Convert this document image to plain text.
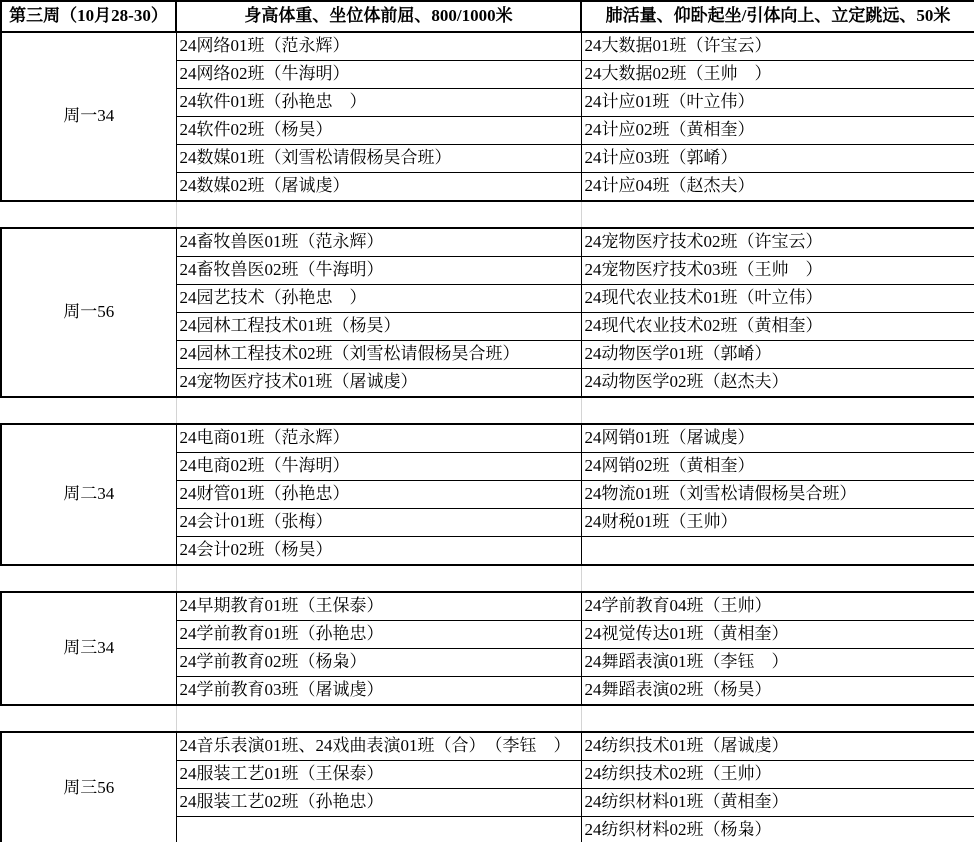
第三周（10月28-30）	身高体重、坐位体前屈、800/1000米	肺活量、仰卧起坐/引体向上、立定跳远、50米
周一34	24网络01班（范永辉）	24大数据01班（许宝云）
	24网络02班（牛海明）	24大数据02班（王帅　）
	24软件01班（孙艳忠　）	24计应01班（叶立伟）
	24软件02班（杨昊）	24计应02班（黄相奎）
	24数媒01班（刘雪松请假杨昊合班）	24计应03班（郭崤）
	24数媒02班（屠诚虔）	24计应04班（赵杰夫）

周一56	24畜牧兽医01班（范永辉）	24宠物医疗技术02班（许宝云）
	24畜牧兽医02班（牛海明）	24宠物医疗技术03班（王帅　）
	24园艺技术（孙艳忠　）	24现代农业技术01班（叶立伟）
	24园林工程技术01班（杨昊）	24现代农业技术02班（黄相奎）
	24园林工程技术02班（刘雪松请假杨昊合班）	24动物医学01班（郭崤）
	24宠物医疗技术01班（屠诚虔）	24动物医学02班（赵杰夫）

周二34	24电商01班（范永辉）	24网销01班（屠诚虔）
	24电商02班（牛海明）	24网销02班（黄相奎）
	24财管01班（孙艳忠）	24物流01班（刘雪松请假杨昊合班）
	24会计01班（张梅）	24财税01班（王帅）
	24会计02班（杨昊）	

周三34	24早期教育01班（王保泰）	24学前教育04班（王帅）
	24学前教育01班（孙艳忠）	24视觉传达01班（黄相奎）
	24学前教育02班（杨枭）	24舞蹈表演01班（李钰　）
	24学前教育03班（屠诚虔）	24舞蹈表演02班（杨昊）

周三56	24音乐表演01班、24戏曲表演01班（合）　（李钰　）	24纺织技术01班（屠诚虔）
	24服装工艺01班（王保泰）	24纺织技术02班（王帅）
	24服装工艺02班（孙艳忠）	24纺织材料01班（黄相奎）
		24纺织材料02班（杨枭）
